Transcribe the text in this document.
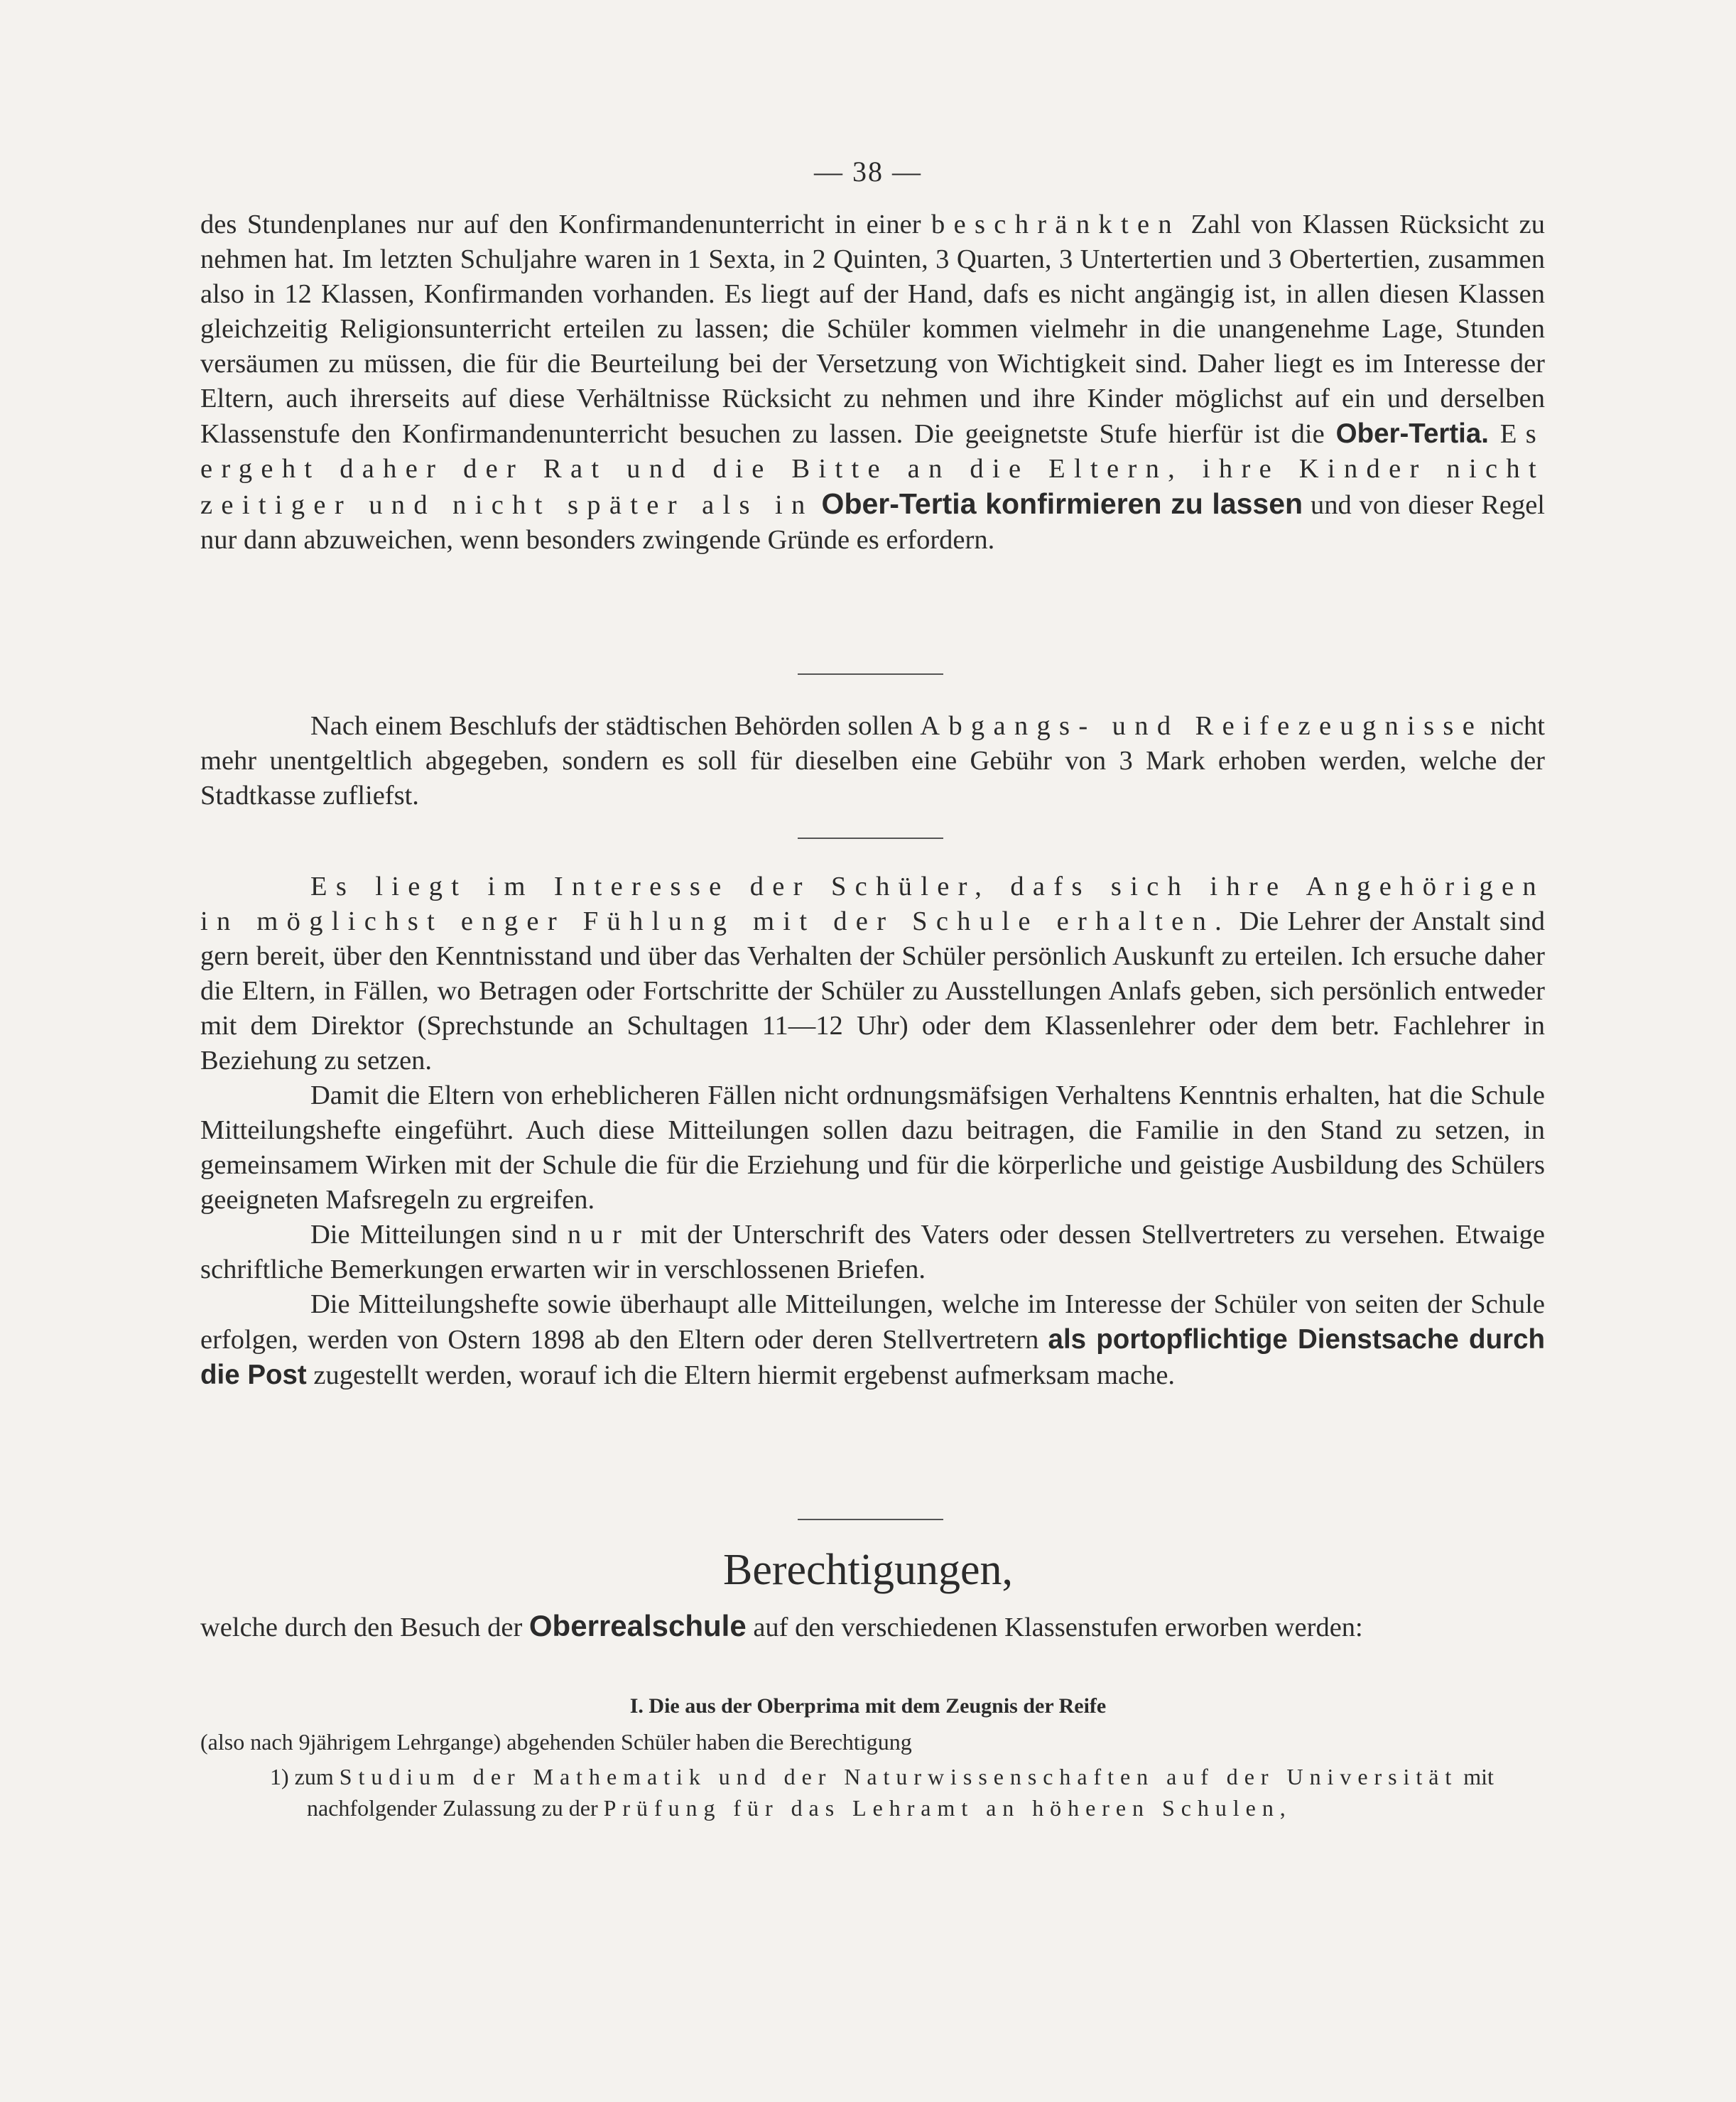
— 38 —

des Stundenplanes nur auf den Konfirmandenunterricht in einer beschränkten Zahl von Klassen Rücksicht zu nehmen hat. Im letzten Schuljahre waren in 1 Sexta, in 2 Quinten, 3 Quarten, 3 Untertertien und 3 Obertertien, zusammen also in 12 Klassen, Konfirmanden vorhanden. Es liegt auf der Hand, dafs es nicht angängig ist, in allen diesen Klassen gleichzeitig Religionsunterricht erteilen zu lassen; die Schüler kommen vielmehr in die unangenehme Lage, Stunden versäumen zu müssen, die für die Beurteilung bei der Versetzung von Wichtigkeit sind. Daher liegt es im Interesse der Eltern, auch ihrerseits auf diese Verhältnisse Rücksicht zu nehmen und ihre Kinder möglichst auf ein und derselben Klassenstufe den Konfirmandenunterricht besuchen zu lassen. Die geeignetste Stufe hierfür ist die Ober-Tertia. Es ergeht daher der Rat und die Bitte an die Eltern, ihre Kinder nicht zeitiger und nicht später als in Ober-Tertia konfirmieren zu lassen und von dieser Regel nur dann abzuweichen, wenn besonders zwingende Gründe es erfordern.

Nach einem Beschlufs der städtischen Behörden sollen Abgangs- und Reifezeugnisse nicht mehr unentgeltlich abgegeben, sondern es soll für dieselben eine Gebühr von 3 Mark erhoben werden, welche der Stadtkasse zufliefst.

Es liegt im Interesse der Schüler, dafs sich ihre Angehörigen in möglichst enger Fühlung mit der Schule erhalten. Die Lehrer der Anstalt sind gern bereit, über den Kenntnisstand und über das Verhalten der Schüler persönlich Auskunft zu erteilen. Ich ersuche daher die Eltern, in Fällen, wo Betragen oder Fortschritte der Schüler zu Ausstellungen Anlafs geben, sich persönlich entweder mit dem Direktor (Sprechstunde an Schultagen 11—12 Uhr) oder dem Klassenlehrer oder dem betr. Fachlehrer in Beziehung zu setzen.

Damit die Eltern von erheblicheren Fällen nicht ordnungsmäfsigen Verhaltens Kenntnis erhalten, hat die Schule Mitteilungshefte eingeführt. Auch diese Mitteilungen sollen dazu beitragen, die Familie in den Stand zu setzen, in gemeinsamem Wirken mit der Schule die für die Erziehung und für die körperliche und geistige Ausbildung des Schülers geeigneten Mafsregeln zu ergreifen.

Die Mitteilungen sind nur mit der Unterschrift des Vaters oder dessen Stellvertreters zu versehen. Etwaige schriftliche Bemerkungen erwarten wir in verschlossenen Briefen.

Die Mitteilungshefte sowie überhaupt alle Mitteilungen, welche im Interesse der Schüler von seiten der Schule erfolgen, werden von Ostern 1898 ab den Eltern oder deren Stellvertretern als portopflichtige Dienstsache durch die Post zugestellt werden, worauf ich die Eltern hiermit ergebenst aufmerksam mache.

Berechtigungen,
welche durch den Besuch der Oberrealschule auf den verschiedenen Klassenstufen erworben werden:
I. Die aus der Oberprima mit dem Zeugnis der Reife
(also nach 9jährigem Lehrgange) abgehenden Schüler haben die Berechtigung
1) zum Studium der Mathematik und der Naturwissenschaften auf der Universität mit nachfolgender Zulassung zu der Prüfung für das Lehramt an höheren Schulen,
